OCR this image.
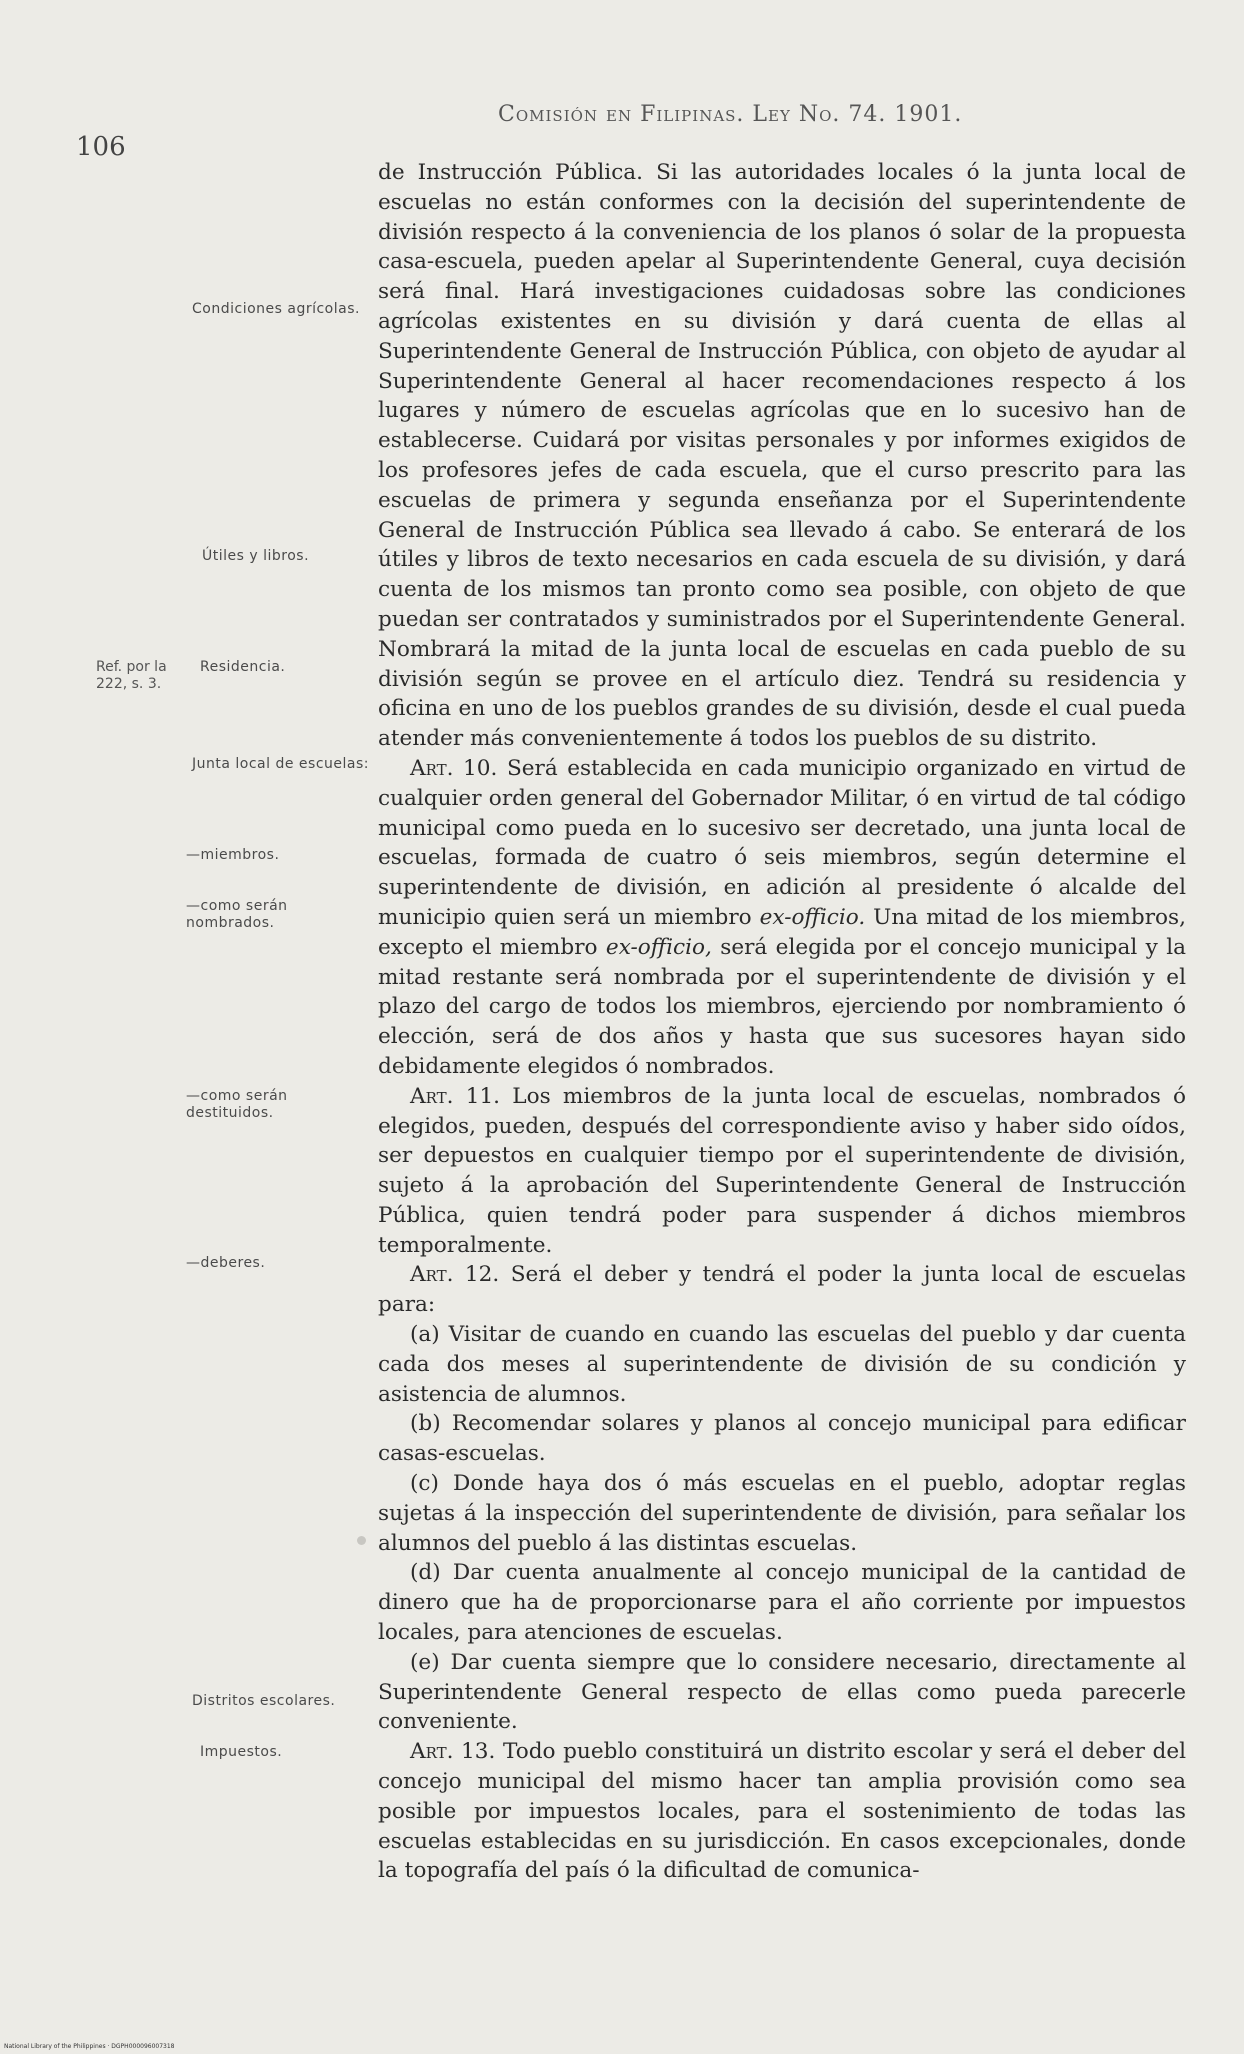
106
Comisión en Filipinas. Ley No. 74. 1901.
Ref. por la 222, s. 3.
Condiciones agrícolas.
Útiles y libros.
Residencia.
Junta local de escuelas:
—miembros.
—como serán nombrados.
—como serán destituidos.
—deberes.
Distritos escolares.
Impuestos.

de Instrucción Pública. Si las autoridades locales ó la junta local de escuelas no están conformes con la decisión del superintendente de división respecto á la conveniencia de los planos ó solar de la propuesta casa-escuela, pueden apelar al Superintendente General, cuya decisión será final. Hará investigaciones cuidadosas sobre las condiciones agrícolas existentes en su división y dará cuenta de ellas al Superintendente General de Instrucción Pública, con objeto de ayudar al Superintendente General al hacer recomendaciones respecto á los lugares y número de escuelas agrícolas que en lo sucesivo han de establecerse. Cuidará por visitas personales y por informes exigidos de los profesores jefes de cada escuela, que el curso prescrito para las escuelas de primera y segunda enseñanza por el Superintendente General de Instrucción Pública sea llevado á cabo. Se enterará de los útiles y libros de texto necesarios en cada escuela de su división, y dará cuenta de los mismos tan pronto como sea posible, con objeto de que puedan ser contratados y suministrados por el Superintendente General. Nombrará la mitad de la junta local de escuelas en cada pueblo de su división según se provee en el artículo diez. Tendrá su residencia y oficina en uno de los pueblos grandes de su división, desde el cual pueda atender más convenientemente á todos los pueblos de su distrito.

Art. 10. Será establecida en cada municipio organizado en virtud de cualquier orden general del Gobernador Militar, ó en virtud de tal código municipal como pueda en lo sucesivo ser decretado, una junta local de escuelas, formada de cuatro ó seis miembros, según determine el superintendente de división, en adición al presidente ó alcalde del municipio quien será un miembro ex-officio. Una mitad de los miembros, excepto el miembro ex-officio, será elegida por el concejo municipal y la mitad restante será nombrada por el superintendente de división y el plazo del cargo de todos los miembros, ejerciendo por nombramiento ó elección, será de dos años y hasta que sus sucesores hayan sido debidamente elegidos ó nombrados.

Art. 11. Los miembros de la junta local de escuelas, nombrados ó elegidos, pueden, después del correspondiente aviso y haber sido oídos, ser depuestos en cualquier tiempo por el superintendente de división, sujeto á la aprobación del Superintendente General de Instrucción Pública, quien tendrá poder para suspender á dichos miembros temporalmente.

Art. 12. Será el deber y tendrá el poder la junta local de escuelas para:

(a) Visitar de cuando en cuando las escuelas del pueblo y dar cuenta cada dos meses al superintendente de división de su condición y asistencia de alumnos.

(b) Recomendar solares y planos al concejo municipal para edificar casas-escuelas.

(c) Donde haya dos ó más escuelas en el pueblo, adoptar reglas sujetas á la inspección del superintendente de división, para señalar los alumnos del pueblo á las distintas escuelas.

(d) Dar cuenta anualmente al concejo municipal de la cantidad de dinero que ha de proporcionarse para el año corriente por impuestos locales, para atenciones de escuelas.

(e) Dar cuenta siempre que lo considere necesario, directamente al Superintendente General respecto de ellas como pueda parecerle conveniente.

Art. 13. Todo pueblo constituirá un distrito escolar y será el deber del concejo municipal del mismo hacer tan amplia provisión como sea posible por impuestos locales, para el sostenimiento de todas las escuelas establecidas en su jurisdicción. En casos excepcionales, donde la topografía del país ó la dificultad de comunica-

National Library of the Philippines · DGPH000096007318
